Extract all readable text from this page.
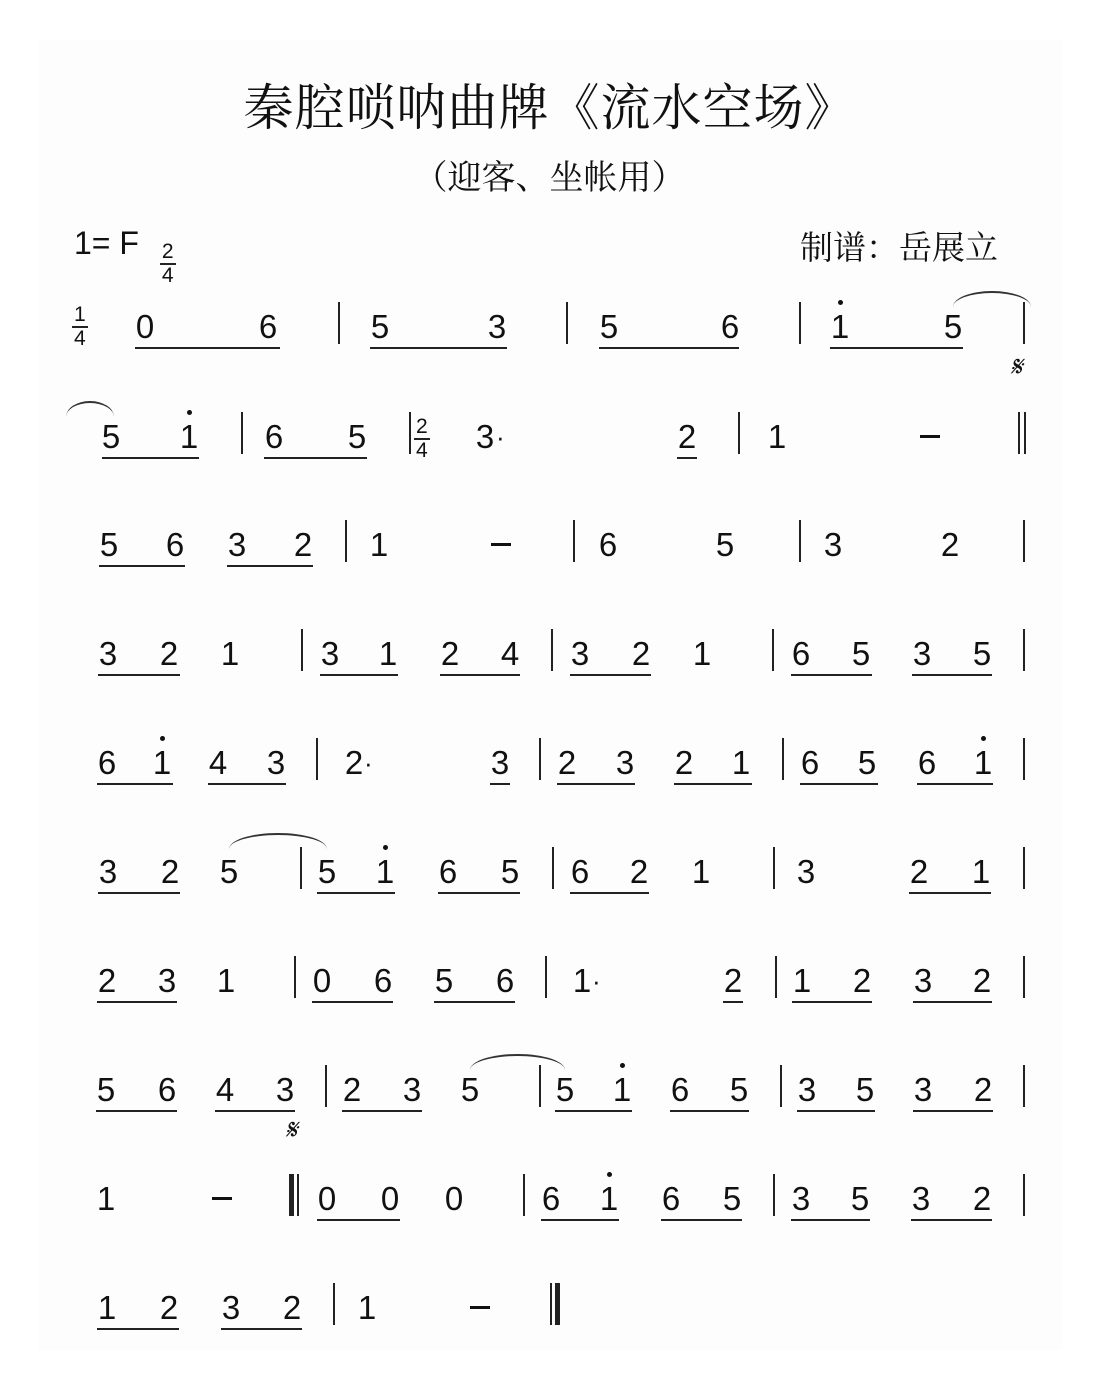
秦腔唢呐曲牌《流水空场》
（迎客、坐帐用）
1= F $\frac{2}{4}$	制谱：岳展立
1
4 0	6	5	3	5	6	1	5
𝄋
5 1 6 5 2
4 3 ·	2 1
5 6 3 2 1	6	5	3	2
3 2 1 3 1 2 4 3 2 1 6 5 3 5
6 1 4 3 2 ·	3 2 3 2 1 6 5 6 1
3 2 5 5 1 6 5 6 2 1	3	2 1
2 3 1 0 6 5 6 1 ·	2 1 2 3 2
5 6 4 3
𝄋
2 3 5 5 1 6 5 3 5 3 2
1	0 0 0 6 1 6 5 3 5 3 2
1 2 3 2 1
